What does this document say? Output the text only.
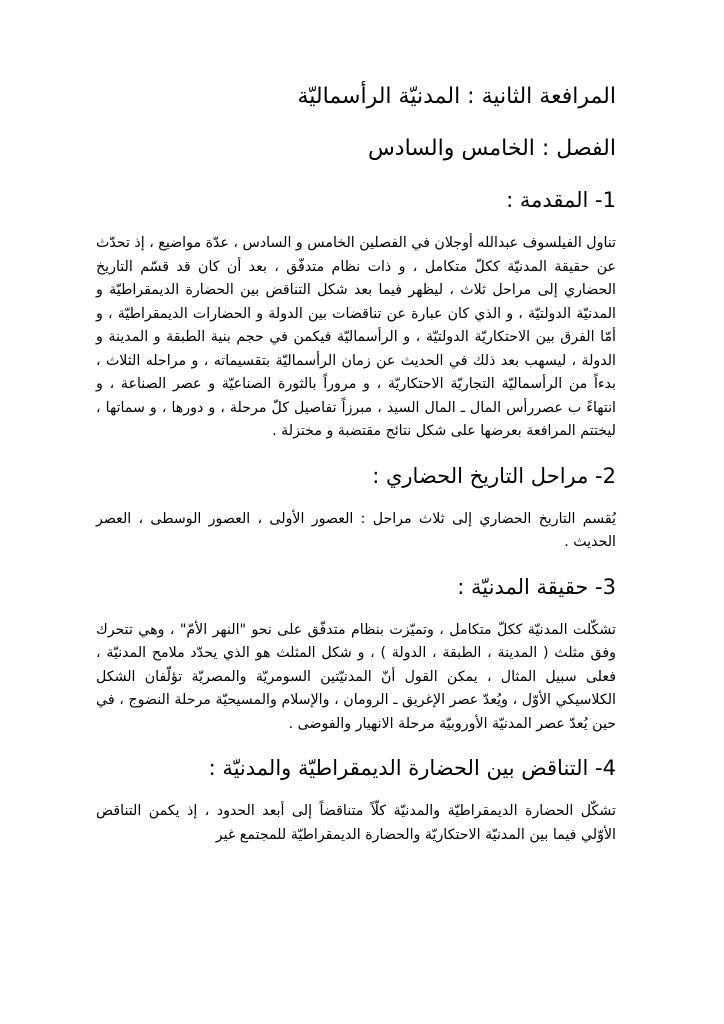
المرافعة الثانية : المدنيّة الرأسماليّة
الفصل : الخامس والسادس
1- المقدمة :

تناول الفيلسوف عبدالله أوجلان في الفصلين الخامس و السادس ، عدّة مواضيع ، إذ تحدّث عن حقيقة المدنيّة ككلّ متكامل ، و ذات نظام متدفّق ، بعد أن كان قد قسّم التاريخ الحضاري إلى مراحل ثلاث ، ليظهر فيما بعد شكل التناقض بين الحضارة الديمقراطيّة و المدنيّة الدولتيّة ، و الذي كان عبارة عن تناقضات بين الدولة و الحضارات الديمقراطيّة ، و أمّا الفرق بين الاحتكاريّة الدولتيّة ، و الرأسماليّة فيكمن في حجم بنية الطبقة و المدينة و الدولة ، ليسهب بعد ذلك في الحديث عن زمان الرأسماليّة بتقسيماته ، و مراحله الثلاث ، بدءاً من الرأسماليّة التجاريّة الاحتكاريّة ، و مروراً بالثورة الصناعيّة و عصر الصناعة ، و انتهاءً ب عصررأس المال ـ المال السيد ، مبرزاً تفاصيل كلّ مرحلة ، و دورها ، و سماتها ، ليختتم المرافعة بعرضها على شكل نتائج مقتضبة و مختزلة .

2- مراحل التاريخ الحضاري :

يُقسم التاريخ الحضاري إلى ثلاث مراحل : العصور الأولى ، العصور الوسطى ، العصر الحديث .

3- حقيقة المدنيّة :

تشكّلت المدنيّة ككلّ متكامل ، وتميّزت بنظام متدفّق على نحو "النهر الأمّ" ، وهي تتحرك وفق مثلث ( المدينة ، الطبقة ، الدولة ) ، و شكل المثلث هو الذي يحدّد ملامح المدنيّة ، فعلى سبيل المثال ، يمكن القول أنّ المدنيّتين السومريّة والمصريّة تؤلّفان الشكل الكلاسيكي الأوّل ، ويُعدّ عصر الإغريق ـ الرومان ، والإسلام والمسيحيّة مرحلة النضوج ، في حين يُعدّ عصر المدنيّة الأوروبيّة مرحلة الانهيار والفوضى .

4- التناقض بين الحضارة الديمقراطيّة والمدنيّة :

تشكّل الحضارة الديمقراطيّة والمدنيّة كلّاً متناقضاً إلى أبعد الحدود ، إذ يكمن التناقض الأوّلي فيما بين المدنيّة الاحتكاريّة والحضارة الديمقراطيّة للمجتمع غير
